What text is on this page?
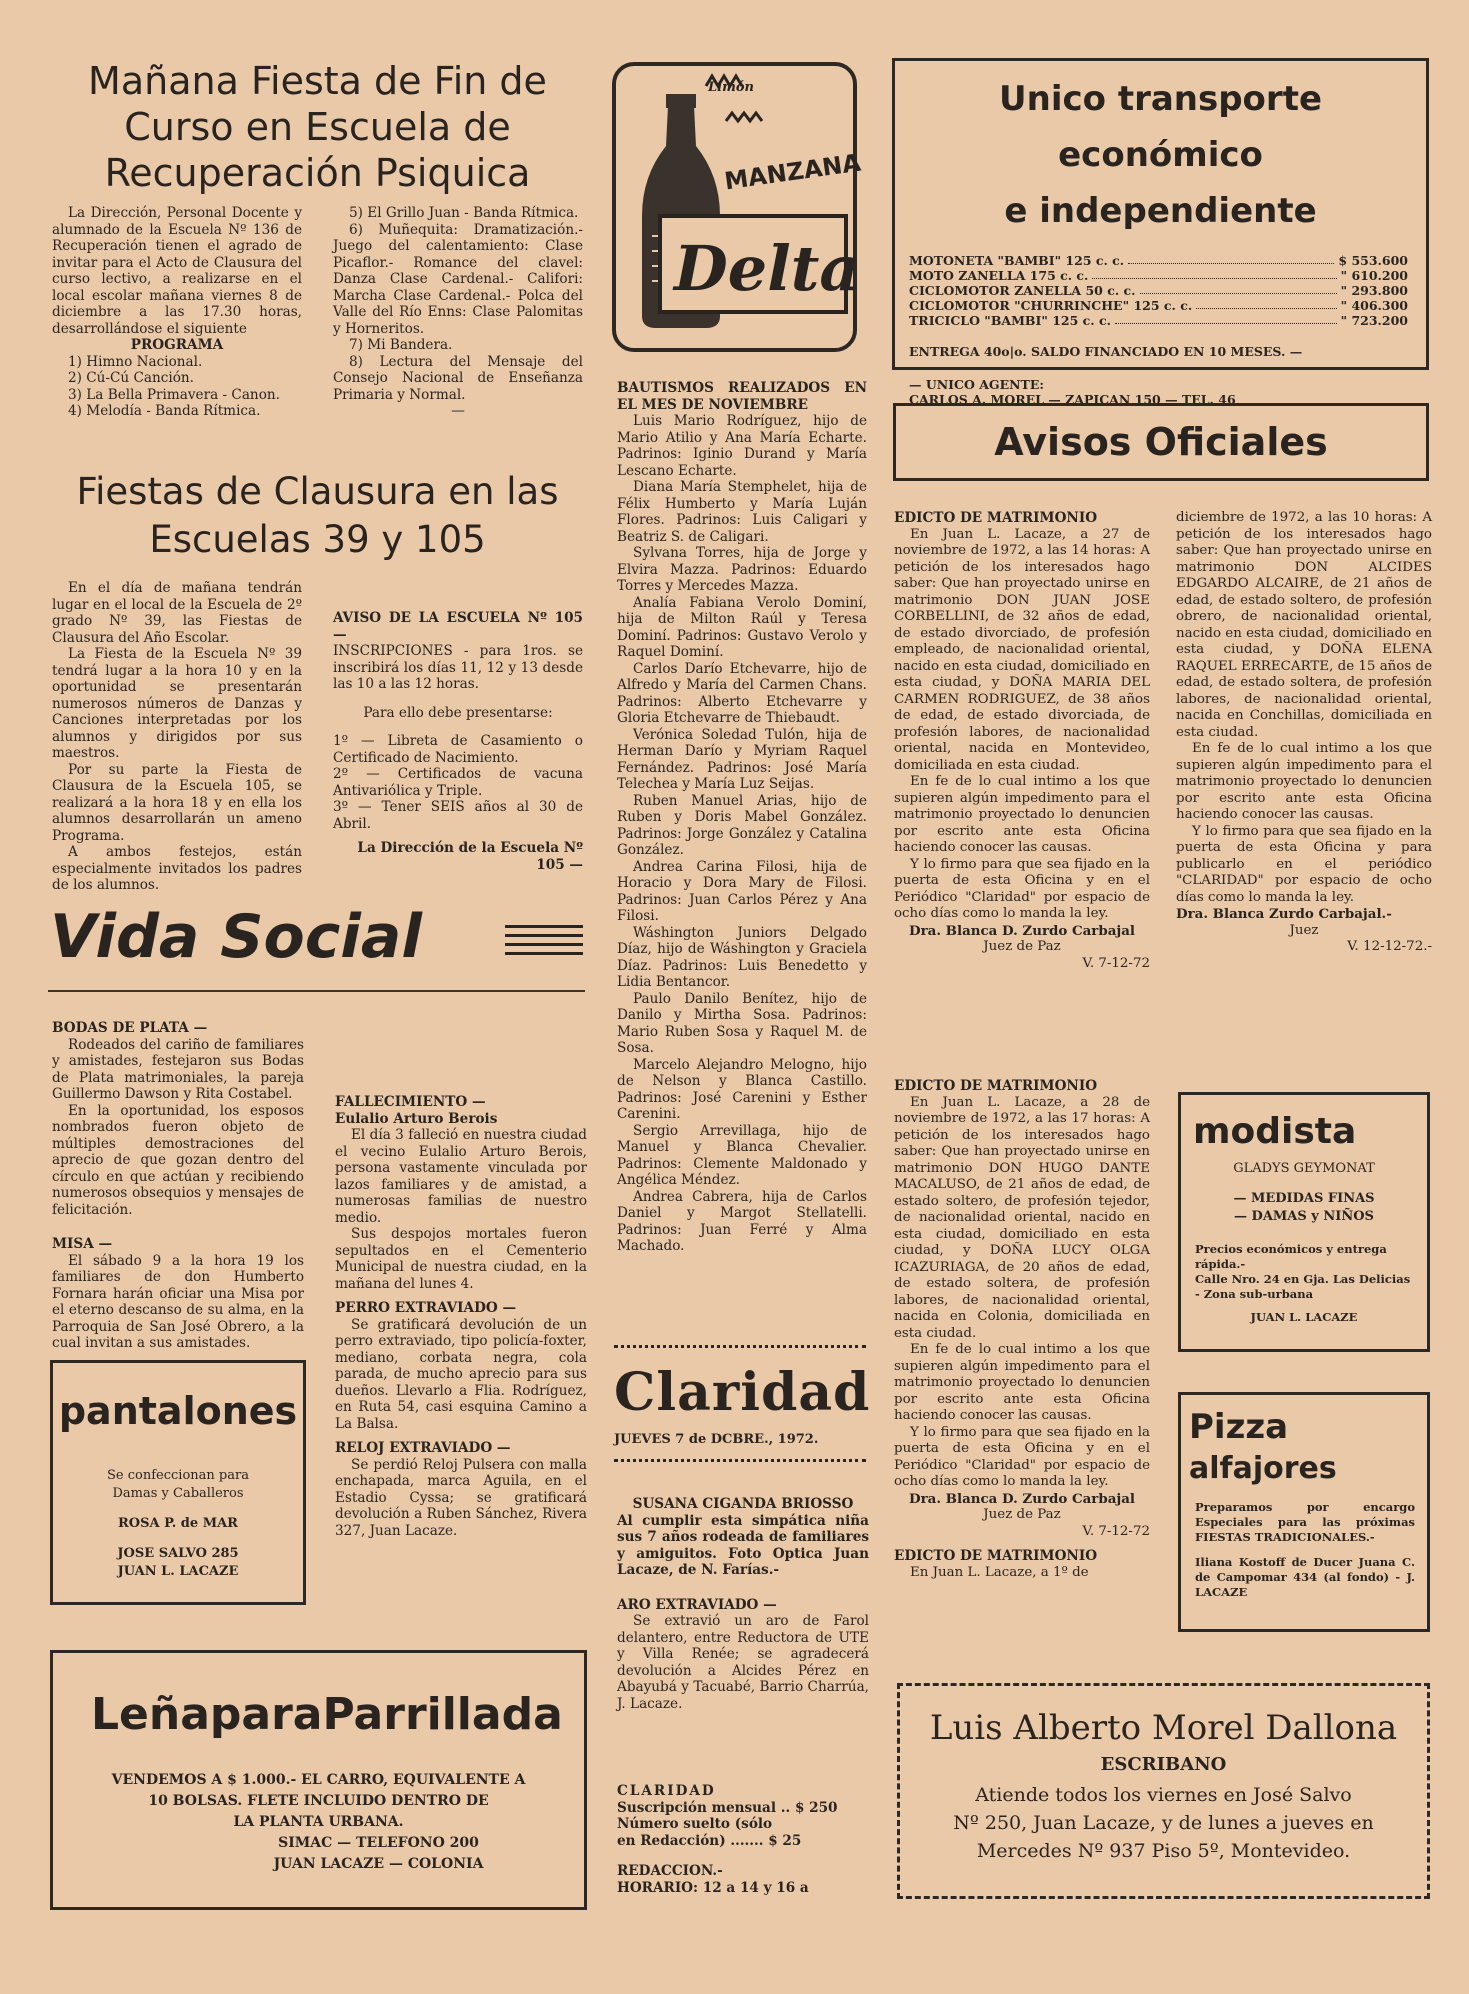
Mañana Fiesta de Fin de
Curso en Escuela de
Recuperación Psiquica

La Dirección, Personal Docente y alumnado de la Escuela Nº 136 de Recuperación tienen el agrado de invitar para el Acto de Clausura del curso lectivo, a realizarse en el local escolar mañana viernes 8 de diciembre a las 17.30 horas, desarrollándose el siguiente

PROGRAMA

1) Himno Nacional.

2) Cú-Cú Canción.

3) La Bella Primavera - Canon.

4) Melodía - Banda Rítmica.

5) El Grillo Juan - Banda Rítmica.

6) Muñequita: Dramatización.- Juego del calentamiento: Clase Picaflor.- Romance del clavel: Danza Clase Cardenal.- Califori: Marcha Clase Cardenal.- Polca del Valle del Río Enns: Clase Palomitas y Horneritos.

7) Mi Bandera.

8) Lectura del Mensaje del Consejo Nacional de Enseñanza Primaria y Normal.

—

Fiestas de Clausura en las
Escuelas 39 y 105

En el día de mañana tendrán lugar en el local de la Escuela de 2º grado Nº 39, las Fiestas de Clausura del Año Escolar.

La Fiesta de la Escuela Nº 39 tendrá lugar a la hora 10 y en la oportunidad se presentarán numerosos números de Danzas y Canciones interpretadas por los alumnos y dirigidos por sus maestros.

Por su parte la Fiesta de Clausura de la Escuela 105, se realizará a la hora 18 y en ella los alumnos desarrollarán un ameno Programa.

A ambos festejos, están especialmente invitados los padres de los alumnos.

AVISO DE LA ESCUELA Nº 105 —

INSCRIPCIONES - para 1ros. se inscribirá los días 11, 12 y 13 desde las 10 a las 12 horas.

Para ello debe presentarse:

1º — Libreta de Casamiento o Certificado de Nacimiento.

2º — Certificados de vacuna Antivariólica y Triple.

3º — Tener SEIS años al 30 de Abril.

La Dirección de la Escuela Nº 105 —

Vida Social

BODAS DE PLATA —

Rodeados del cariño de familiares y amistades, festejaron sus Bodas de Plata matrimoniales, la pareja Guillermo Dawson y Rita Costabel.

En la oportunidad, los esposos nombrados fueron objeto de múltiples demostraciones del aprecio de que gozan dentro del círculo en que actúan y recibiendo numerosos obsequios y mensajes de felicitación.

MISA —

El sábado 9 a la hora 19 los familiares de don Humberto Fornara harán oficiar una Misa por el eterno descanso de su alma, en la Parroquia de San José Obrero, a la cual invitan a sus amistades.

FALLECIMIENTO —

Eulalio Arturo Berois

El día 3 falleció en nuestra ciudad el vecino Eulalio Arturo Berois, persona vastamente vinculada por lazos familiares y de amistad, a numerosas familias de nuestro medio.

Sus despojos mortales fueron sepultados en el Cementerio Municipal de nuestra ciudad, en la mañana del lunes 4.

PERRO EXTRAVIADO —

Se gratificará devolución de un perro extraviado, tipo policía-foxter, mediano, corbata negra, cola parada, de mucho aprecio para sus dueños. Llevarlo a Flia. Rodríguez, en Ruta 54, casi esquina Camino a La Balsa.

RELOJ EXTRAVIADO —

Se perdió Reloj Pulsera con malla enchapada, marca Aguila, en el Estadio Cyssa; se gratificará devolución a Ruben Sánchez, Rivera 327, Juan Lacaze.

pantalones
Se confeccionan para
Damas y Caballeros
ROSA P. de MAR
JOSE SALVO 285
JUAN L. LACAZE
Leña para Parrillada
VENDEMOS A $ 1.000.- EL CARRO, EQUIVALENTE A
10 BOLSAS. FLETE INCLUIDO DENTRO DE
LA PLANTA URBANA.
SIMAC — TELEFONO 200
JUAN LACAZE — COLONIA
Limón
MANZANA
Delta

BAUTISMOS REALIZADOS EN EL MES DE NOVIEMBRE

Luis Mario Rodríguez, hijo de Mario Atilio y Ana María Echarte. Padrinos: Iginio Durand y María Lescano Echarte.

Diana María Stemphelet, hija de Félix Humberto y María Luján Flores. Padrinos: Luis Caligari y Beatriz S. de Caligari.

Sylvana Torres, hija de Jorge y Elvira Mazza. Padrinos: Eduardo Torres y Mercedes Mazza.

Analía Fabiana Verolo Dominí, hija de Milton Raúl y Teresa Dominí. Padrinos: Gustavo Verolo y Raquel Dominí.

Carlos Darío Etchevarre, hijo de Alfredo y María del Carmen Chans. Padrinos: Alberto Etchevarre y Gloria Etchevarre de Thiebaudt.

Verónica Soledad Tulón, hija de Herman Darío y Myriam Raquel Fernández. Padrinos: José María Telechea y María Luz Seijas.

Ruben Manuel Arias, hijo de Ruben y Doris Mabel González. Padrinos: Jorge González y Catalina González.

Andrea Carina Filosi, hija de Horacio y Dora Mary de Filosi. Padrinos: Juan Carlos Pérez y Ana Filosi.

Wáshington Juniors Delgado Díaz, hijo de Wáshington y Graciela Díaz. Padrinos: Luis Benedetto y Lidia Bentancor.

Paulo Danilo Benítez, hijo de Danilo y Mirtha Sosa. Padrinos: Mario Ruben Sosa y Raquel M. de Sosa.

Marcelo Alejandro Melogno, hijo de Nelson y Blanca Castillo. Padrinos: José Carenini y Esther Carenini.

Sergio Arrevillaga, hijo de Manuel y Blanca Chevalier. Padrinos: Clemente Maldonado y Angélica Méndez.

Andrea Cabrera, hija de Carlos Daniel y Margot Stellatelli. Padrinos: Juan Ferré y Alma Machado.

Claridad
JUEVES 7 de DCBRE., 1972.

SUSANA CIGANDA BRIOSSO

Al cumplir esta simpática niña sus 7 años rodeada de familiares y amiguitos. Foto Optica Juan Lacaze, de N. Farías.-

ARO EXTRAVIADO —

Se extravió un aro de Farol delantero, entre Reductora de UTE y Villa Renée; se agradecerá devolución a Alcides Pérez en Abayubá y Tacuabé, Barrio Charrúa, J. Lacaze.

CLARIDAD

Suscripción mensual .. $ 250

Número suelto (sólo

en Redacción) ....... $ 25

REDACCION.-

HORARIO: 12 a 14 y 16 a

Unico transporte económico
e independiente
MOTONETA "BAMBI" 125 c. c.	$ 553.600
MOTO ZANELLA 175 c. c.	" 610.200
CICLOMOTOR ZANELLA 50 c. c.	" 293.800
CICLOMOTOR "CHURRINCHE" 125 c. c.	" 406.300
TRICICLO "BAMBI" 125 c. c.	" 723.200
ENTREGA 40o|o. SALDO FINANCIADO EN 10 MESES. —
— UNICO AGENTE:
CARLOS A. MOREL — ZAPICAN 150 — TEL. 46
Avisos Oficiales

EDICTO DE MATRIMONIO

En Juan L. Lacaze, a 27 de noviembre de 1972, a las 14 horas: A petición de los interesados hago saber: Que han proyectado unirse en matrimonio DON JUAN JOSE CORBELLINI, de 32 años de edad, de estado divorciado, de profesión empleado, de nacionalidad oriental, nacido en esta ciudad, domiciliado en esta ciudad, y DOÑA MARIA DEL CARMEN RODRIGUEZ, de 38 años de edad, de estado divorciada, de profesión labores, de nacionalidad oriental, nacida en Montevideo, domiciliada en esta ciudad.

En fe de lo cual intimo a los que supieren algún impedimento para el matrimonio proyectado lo denuncien por escrito ante esta Oficina haciendo conocer las causas.

Y lo firmo para que sea fijado en la puerta de esta Oficina y en el Periódico "Claridad" por espacio de ocho días como lo manda la ley.

Dra. Blanca D. Zurdo Carbajal

Juez de Paz

V. 7-12-72

diciembre de 1972, a las 10 horas: A petición de los interesados hago saber: Que han proyectado unirse en matrimonio DON ALCIDES EDGARDO ALCAIRE, de 21 años de edad, de estado soltero, de profesión obrero, de nacionalidad oriental, nacido en esta ciudad, domiciliado en esta ciudad, y DOÑA ELENA RAQUEL ERRECARTE, de 15 años de edad, de estado soltera, de profesión labores, de nacionalidad oriental, nacida en Conchillas, domiciliada en esta ciudad.

En fe de lo cual intimo a los que supieren algún impedimento para el matrimonio proyectado lo denuncien por escrito ante esta Oficina haciendo conocer las causas.

Y lo firmo para que sea fijado en la puerta de esta Oficina y para publicarlo en el periódico "CLARIDAD" por espacio de ocho días como lo manda la ley.

Dra. Blanca Zurdo Carbajal.-

Juez

V. 12-12-72.-

EDICTO DE MATRIMONIO

En Juan L. Lacaze, a 28 de noviembre de 1972, a las 17 horas: A petición de los interesados hago saber: Que han proyectado unirse en matrimonio DON HUGO DANTE MACALUSO, de 21 años de edad, de estado soltero, de profesión tejedor, de nacionalidad oriental, nacido en esta ciudad, domiciliado en esta ciudad, y DOÑA LUCY OLGA ICAZURIAGA, de 20 años de edad, de estado soltera, de profesión labores, de nacionalidad oriental, nacida en Colonia, domiciliada en esta ciudad.

En fe de lo cual intimo a los que supieren algún impedimento para el matrimonio proyectado lo denuncien por escrito ante esta Oficina haciendo conocer las causas.

Y lo firmo para que sea fijado en la puerta de esta Oficina y en el Periódico "Claridad" por espacio de ocho días como lo manda la ley.

Dra. Blanca D. Zurdo Carbajal

Juez de Paz

V. 7-12-72

EDICTO DE MATRIMONIO

En Juan L. Lacaze, a 1º de

modista
GLADYS GEYMONAT
— MEDIDAS FINAS
— DAMAS y NIÑOS
Precios económicos y entrega rápida.-
Calle Nro. 24 en Gja. Las Delicias - Zona sub-urbana
JUAN L. LACAZE
Pizza
alfajores
Preparamos por encargo Especiales para las próximas FIESTAS TRADICIONALES.-
Iliana Kostoff de Ducer Juana C. de Campomar 434 (al fondo) - J. LACAZE
Luis Alberto Morel Dallona
ESCRIBANO
Atiende todos los viernes en José Salvo
Nº 250, Juan Lacaze, y de lunes a jueves en
Mercedes Nº 937 Piso 5º, Montevideo.
